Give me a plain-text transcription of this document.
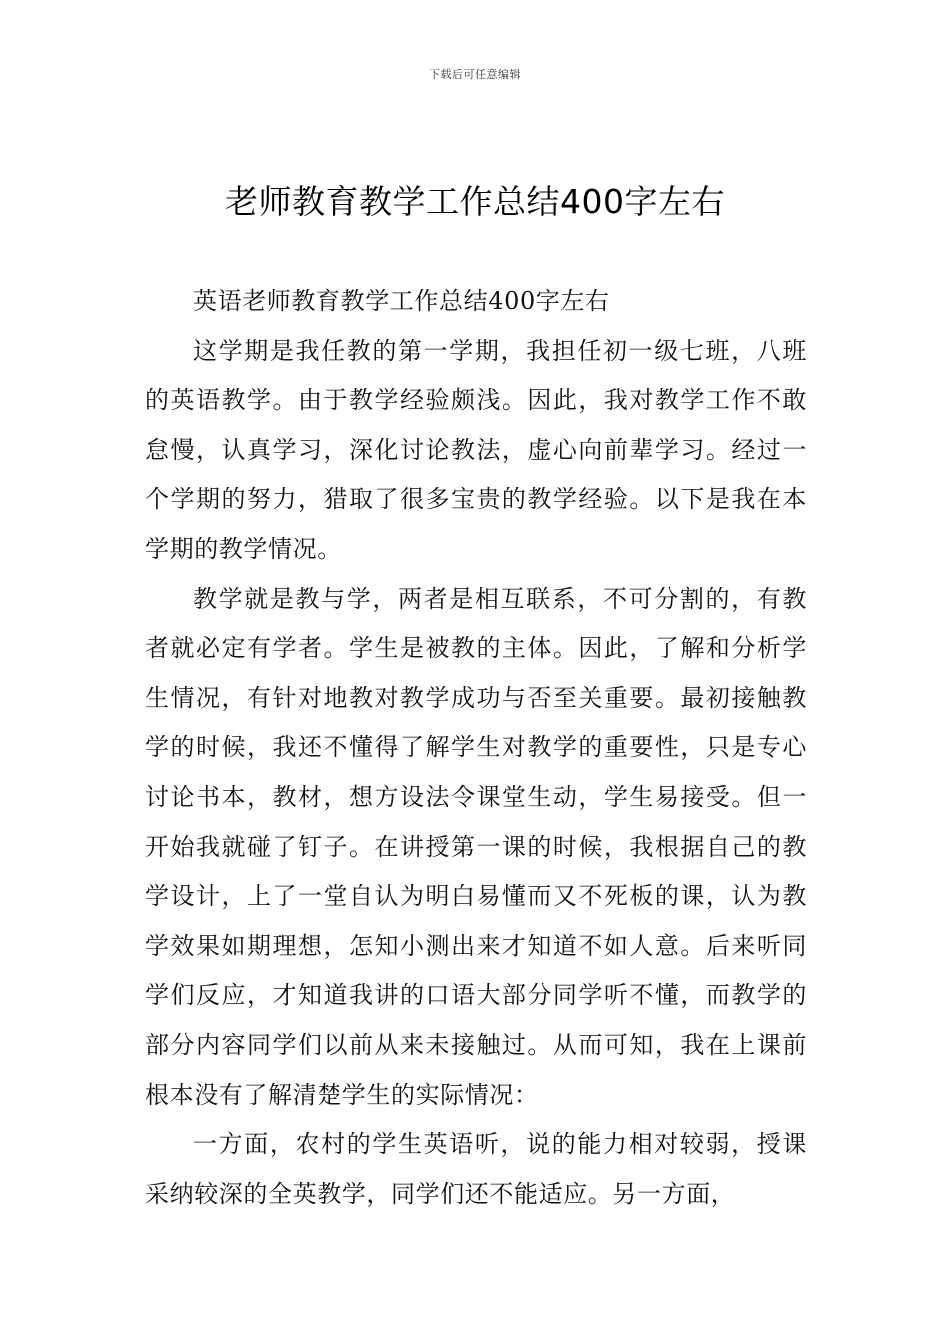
下载后可任意编辑
老师教育教学工作总结400字左右

英语老师教育教学工作总结400字左右

这学期是我任教的第一学期，我担任初一级七班，八班的英语教学。由于教学经验颇浅。因此，我对教学工作不敢怠慢，认真学习，深化讨论教法，虚心向前辈学习。经过一个学期的努力，猎取了很多宝贵的教学经验。以下是我在本学期的教学情况。

教学就是教与学，两者是相互联系，不可分割的，有教者就必定有学者。学生是被教的主体。因此，了解和分析学生情况，有针对地教对教学成功与否至关重要。最初接触教学的时候，我还不懂得了解学生对教学的重要性，只是专心讨论书本，教材，想方设法令课堂生动，学生易接受。但一开始我就碰了钉子。在讲授第一课的时候，我根据自己的教学设计，上了一堂自认为明白易懂而又不死板的课，认为教学效果如期理想，怎知小测出来才知道不如人意。后来听同学们反应，才知道我讲的口语大部分同学听不懂，而教学的部分内容同学们以前从来未接触过。从而可知，我在上课前根本没有了解清楚学生的实际情况：

一方面，农村的学生英语听，说的能力相对较弱，授课采纳较深的全英教学，同学们还不能适应。另一方面，
